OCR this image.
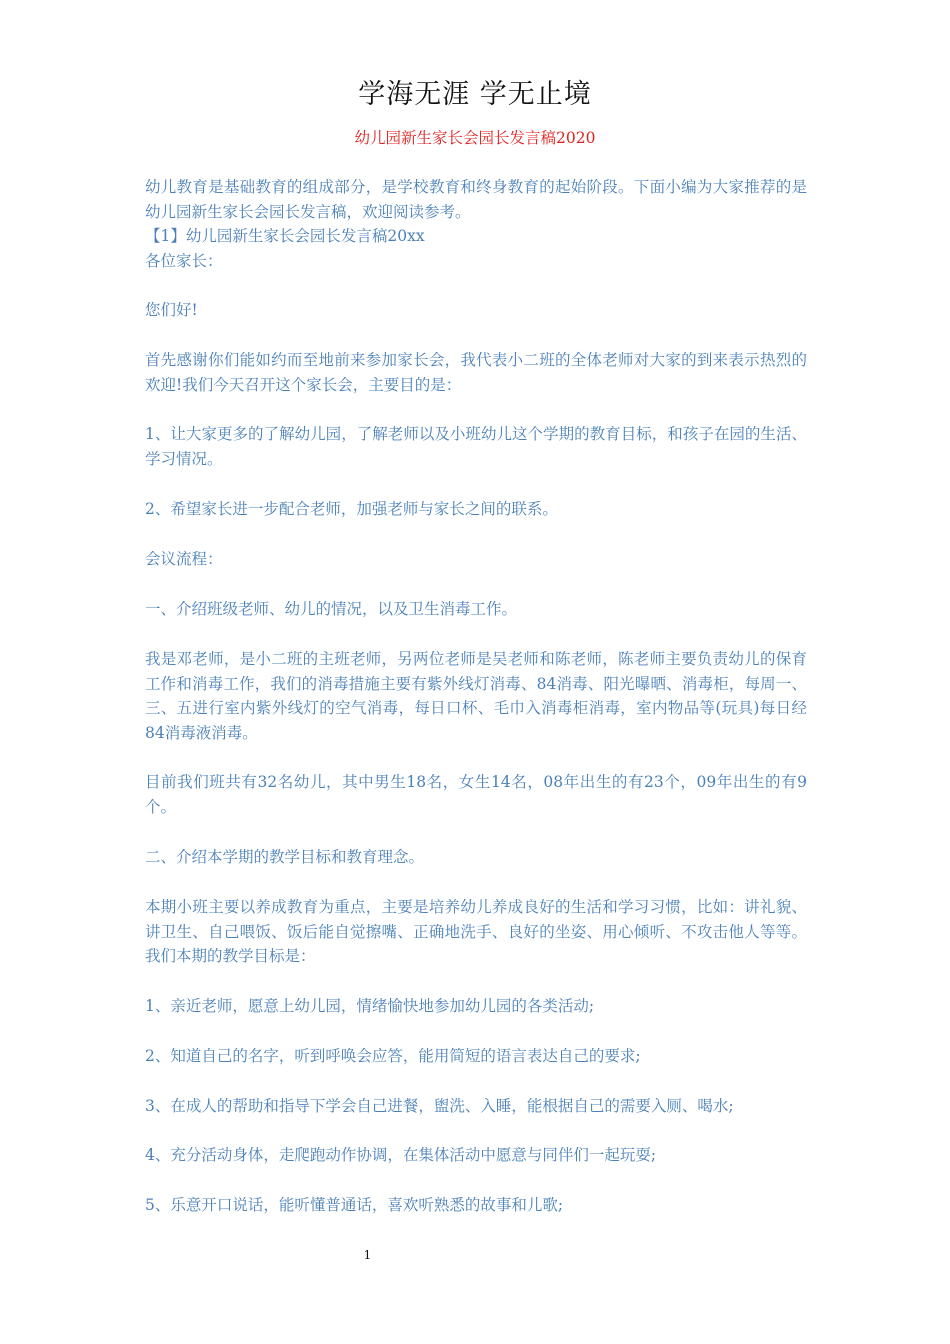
学海无涯 学无止境
幼儿园新生家长会园长发言稿2020
幼儿教育是基础教育的组成部分，是学校教育和终身教育的起始阶段。下面小编为大家推荐的是幼儿园新生家长会园长发言稿，欢迎阅读参考。
【1】幼儿园新生家长会园长发言稿20xx
各位家长：
您们好!
首先感谢你们能如约而至地前来参加家长会，我代表小二班的全体老师对大家的到来表示热烈的欢迎!我们今天召开这个家长会，主要目的是：
1、让大家更多的了解幼儿园，了解老师以及小班幼儿这个学期的教育目标，和孩子在园的生活、学习情况。
2、希望家长进一步配合老师，加强老师与家长之间的联系。
会议流程：
一、介绍班级老师、幼儿的情况，以及卫生消毒工作。
我是邓老师，是小二班的主班老师，另两位老师是吴老师和陈老师，陈老师主要负责幼儿的保育工作和消毒工作，我们的消毒措施主要有紫外线灯消毒、84消毒、阳光曝晒、消毒柜，每周一、三、五进行室内紫外线灯的空气消毒，每日口杯、毛巾入消毒柜消毒，室内物品等(玩具)每日经84消毒液消毒。
目前我们班共有32名幼儿，其中男生18名，女生14名，08年出生的有23个，09年出生的有9个。
二、介绍本学期的教学目标和教育理念。
本期小班主要以养成教育为重点，主要是培养幼儿养成良好的生活和学习习惯，比如：讲礼貌、讲卫生、自己喂饭、饭后能自觉擦嘴、正确地洗手、良好的坐姿、用心倾听、不攻击他人等等。我们本期的教学目标是：
1、亲近老师，愿意上幼儿园，情绪愉快地参加幼儿园的各类活动;
2、知道自己的名字，听到呼唤会应答，能用简短的语言表达自己的要求;
3、在成人的帮助和指导下学会自己进餐，盥洗、入睡，能根据自己的需要入厕、喝水;
4、充分活动身体，走爬跑动作协调，在集体活动中愿意与同伴们一起玩耍;
5、乐意开口说话，能听懂普通话，喜欢听熟悉的故事和儿歌;
1
